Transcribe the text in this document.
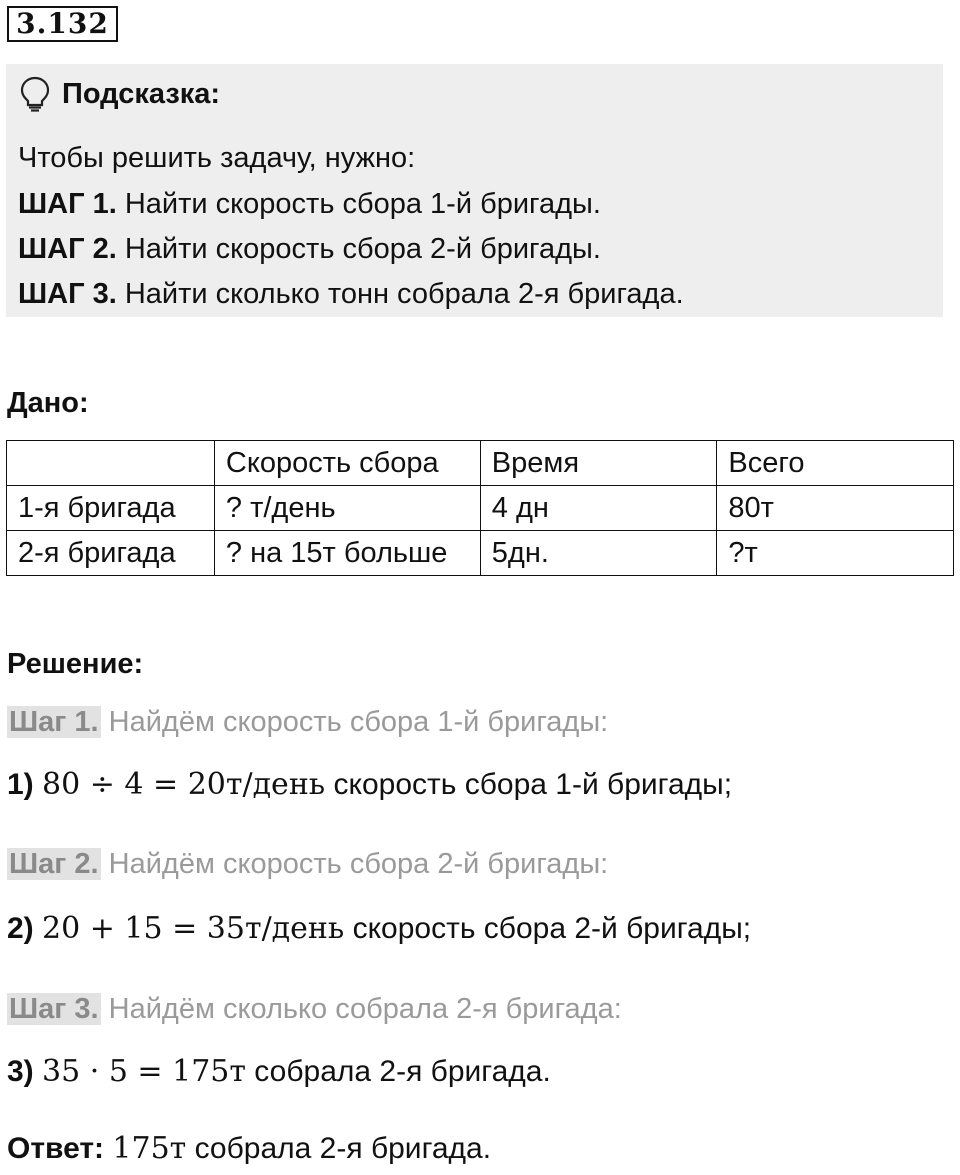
3.132
Подсказка:
Чтобы решить задачу, нужно:
ШАГ 1. Найти скорость сбора 1-й бригады.
ШАГ 2. Найти скорость сбора 2-й бригады.
ШАГ 3. Найти сколько тонн собрала 2-я бригада.
Дано:
	Скорость сбора	Время	Всего
1-я бригада	? т/день	4 дн	80т
2-я бригада	? на 15т больше	5дн.	?т
Решение:
Шаг 1. Найдём скорость сбора 1-й бригады:
1) 80 ÷ 4 = 20т/день скорость сбора 1-й бригады;
Шаг 2. Найдём скорость сбора 2-й бригады:
2) 20 + 15 = 35т/день скорость сбора 2-й бригады;
Шаг 3. Найдём сколько собрала 2-я бригада:
3) 35 · 5 = 175т собрала 2-я бригада.
Ответ: 175т собрала 2-я бригада.
